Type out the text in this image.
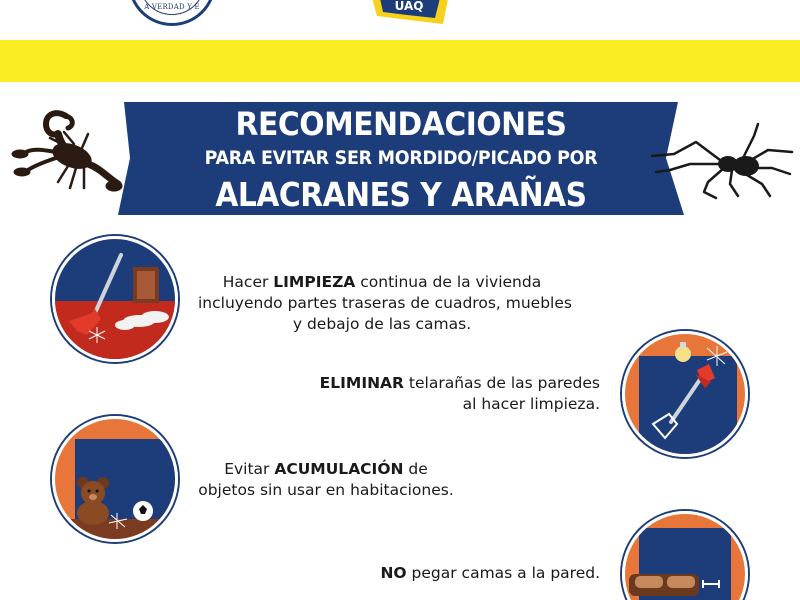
A VERDAD Y E	UAQ
RECOMENDACIONES
PARA EVITAR SER MORDIDO/PICADO POR
ALACRANES Y ARAÑAS
Hacer LIMPIEZA continua de la vivienda
incluyendo partes traseras de cuadros, muebles
y debajo de las camas.
ELIMINAR telarañas de las paredes
al hacer limpieza.
Evitar ACUMULACIÓN de
objetos sin usar en habitaciones.
NO pegar camas a la pared.
